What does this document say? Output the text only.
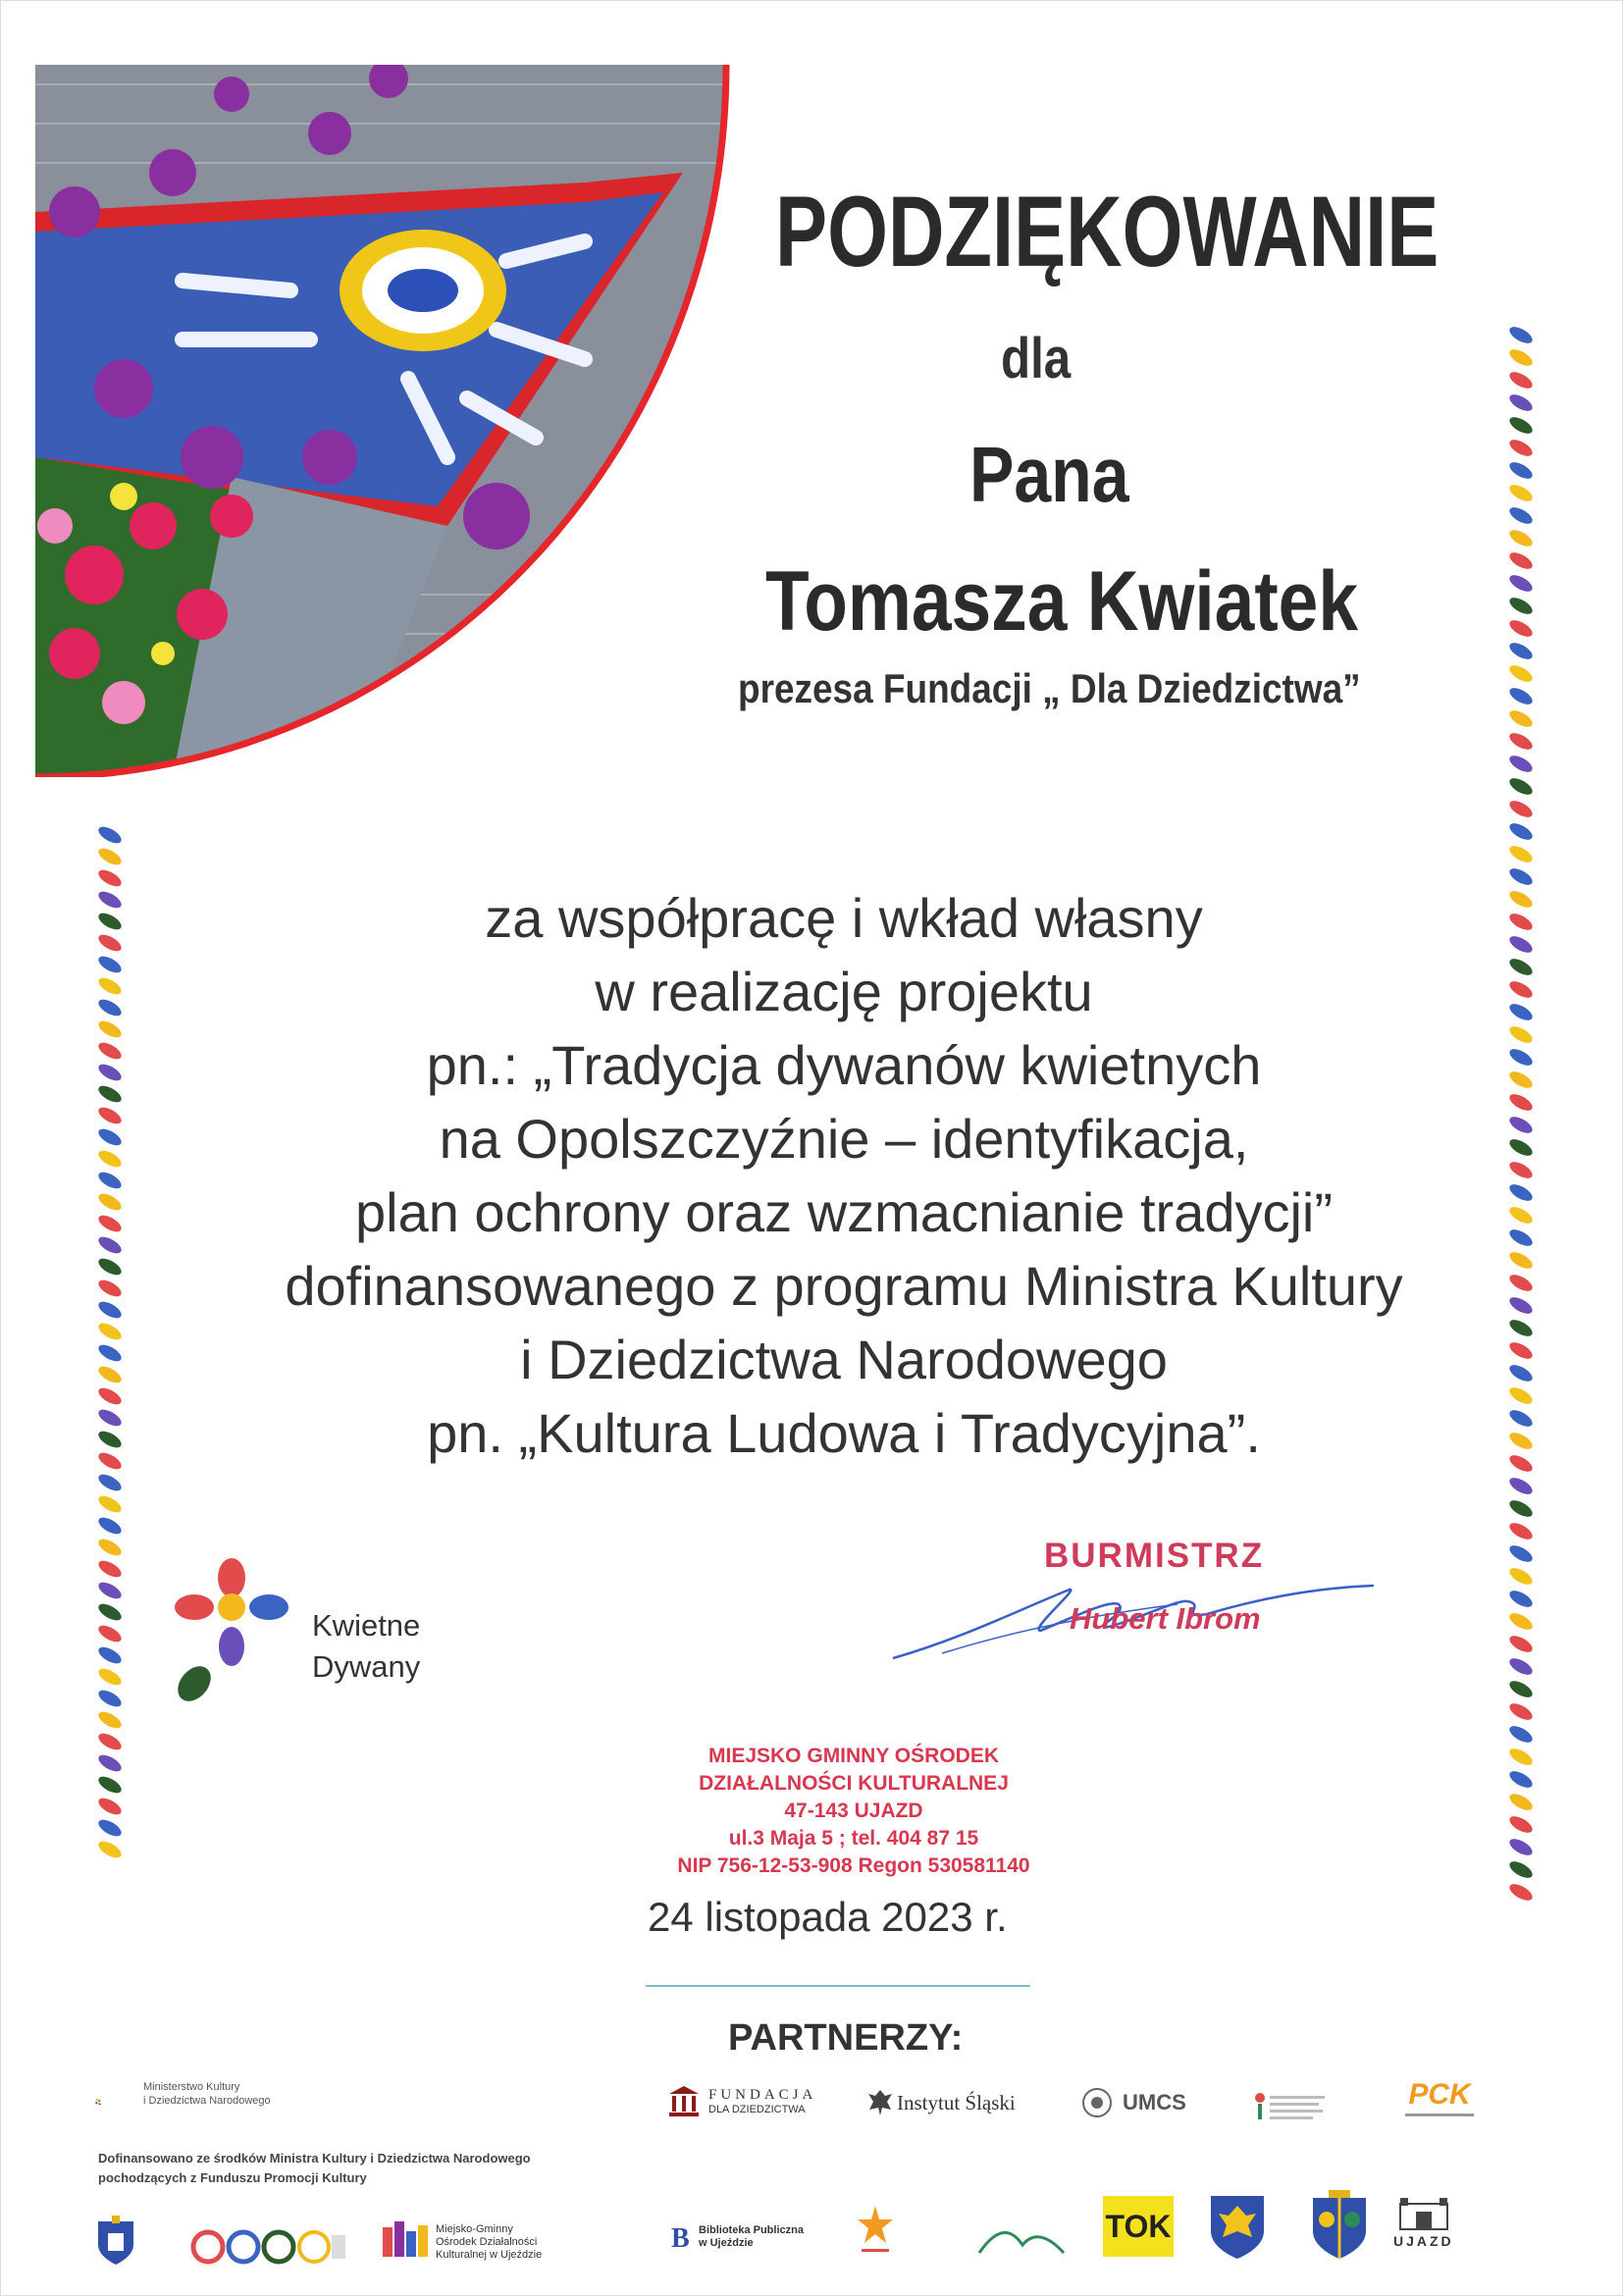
PODZIĘKOWANIE
dla
Pana
Tomasza Kwiatek
prezesa Fundacji „ Dla Dziedzictwa”
za współpracę i wkład własny
w realizację projektu
pn.: „Tradycja dywanów kwietnych
na Opolszczyźnie – identyfikacja,
plan ochrony oraz wzmacnianie tradycji”
dofinansowanego z programu Ministra Kultury
i Dziedzictwa Narodowego
pn. „Kultura Ludowa i Tradycyjna”.
Kwietne
Dywany
BURMISTRZ
Hubert Ibrom
MIEJSKO GMINNY OŚRODEK
DZIAŁALNOŚCI KULTURALNEJ
47-143 UJAZD
ul.3 Maja 5 ; tel. 404 87 15
NIP 756-12-53-908 Regon 530581140
24 listopada 2023 r.
PARTNERZY:
Ministerstwo Kultury
i Dziedzictwa Narodowego
Dofinansowano ze środków Ministra Kultury i Dziedzictwa Narodowego
pochodzących z Funduszu Promocji Kultury
FUNDACJA
DLA DZIEDZICTWA	Instytut Śląski	UMCS	PCK
Miejsko-Gminny
Ośrodek Działalności
Kulturalnej w Ujeździe
B Biblioteka Publiczna
w Ujeździe	TOK	UJAZD
